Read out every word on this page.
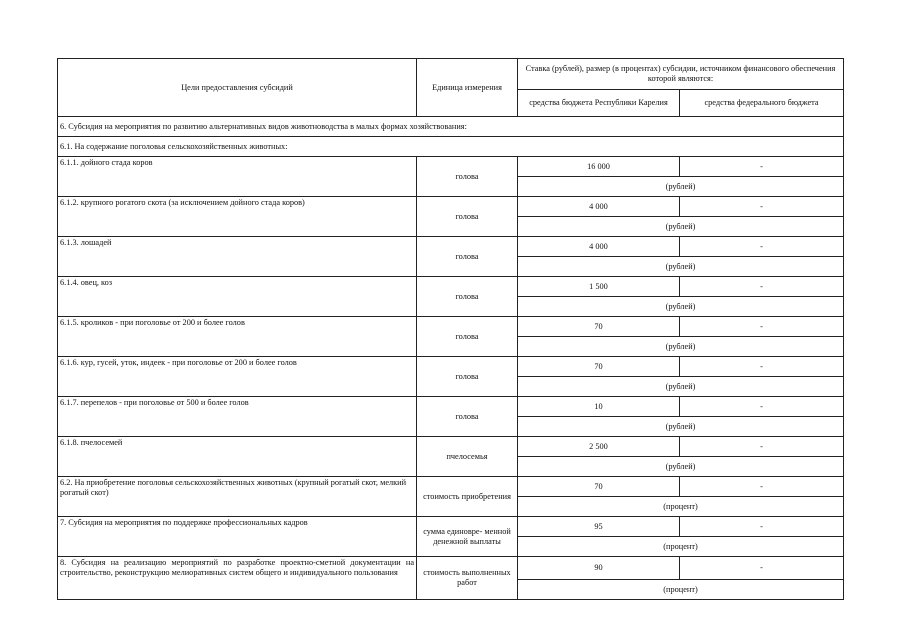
Цели предоставления субсидий	Единица измерения	Ставка (рублей), размер (в процентах) субсидии, источником финансового обеспечения которой являются:	
		средства бюджета Республики Карелия	средства федерального бюджета
6. Субсидия на мероприятия по развитию альтернативных видов животноводства в малых формах хозяйствования:			
6.1. На содержание поголовья сельскохозяйственных животных:			
6.1.1. дойного стада коров	голова	16 000	-
		(рублей)	
6.1.2. крупного рогатого скота (за исключением дойного стада коров)	голова	4 000	-
		(рублей)	
6.1.3. лошадей	голова	4 000	-
		(рублей)	
6.1.4. овец, коз	голова	1 500	-
		(рублей)	
6.1.5. кроликов - при поголовье от 200 и более голов	голова	70	-
		(рублей)	
6.1.6. кур, гусей, уток, индеек - при поголовье от 200 и более голов	голова	70	-
		(рублей)	
6.1.7. перепелов - при поголовье от 500 и более голов	голова	10	-
		(рублей)	
6.1.8. пчелосемей	пчелосемья	2 500	-
		(рублей)	
6.2. На приобретение поголовья сельскохозяйственных животных (крупный рогатый скот, мелкий рогатый скот)	стоимость приобретения	70	-
		(процент)	
7. Субсидия на мероприятия по поддержке профессиональных кадров	сумма единовре- менной денежной выплаты	95	-
		(процент)	
8. Субсидия на реализацию мероприятий по разработке проектно-сметной документации на строительство, реконструкцию мелиоративных систем общего и индивидуального пользования	стоимость выполненных работ	90	-
		(процент)	
